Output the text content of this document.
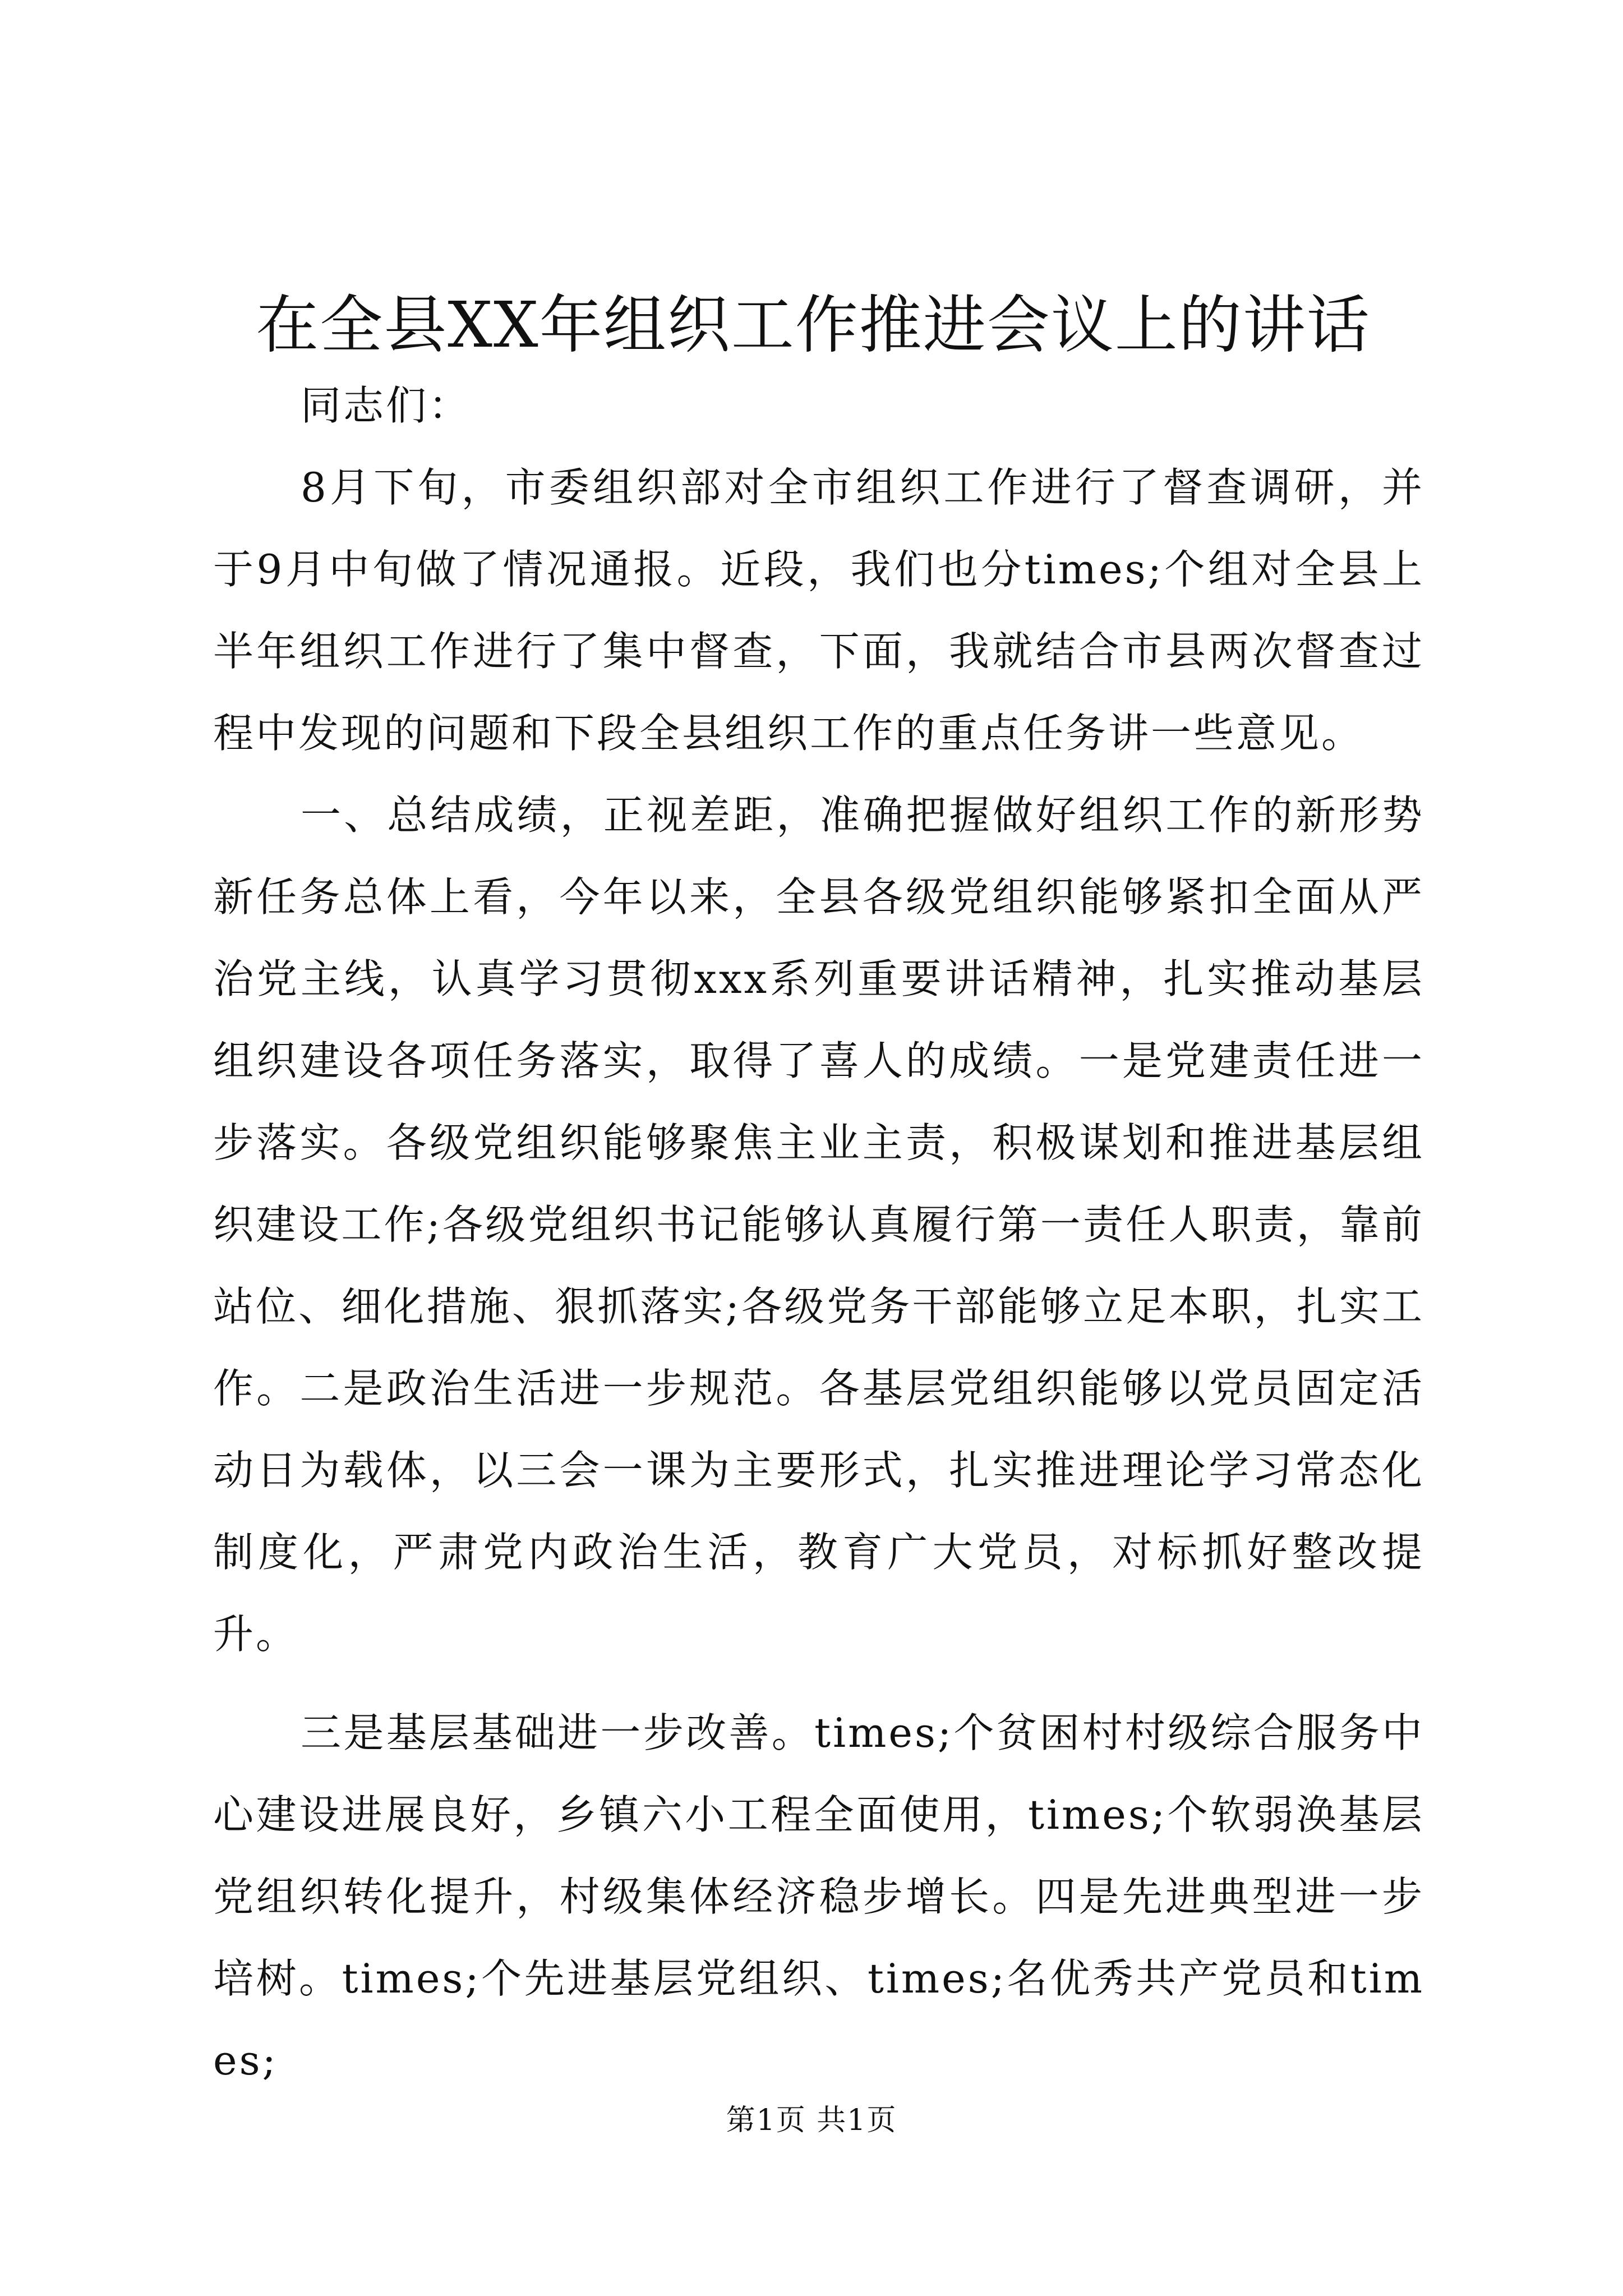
在全县XX年组织工作推进会议上的讲话

同志们：

8月下旬，市委组织部对全市组织工作进行了督查调研，并于9月中旬做了情况通报。近段，我们也分times;个组对全县上半年组织工作进行了集中督查，下面，我就结合市县两次督查过程中发现的问题和下段全县组织工作的重点任务讲一些意见。

一、总结成绩，正视差距，准确把握做好组织工作的新形势新任务总体上看，今年以来，全县各级党组织能够紧扣全面从严治党主线，认真学习贯彻xxx系列重要讲话精神，扎实推动基层组织建设各项任务落实，取得了喜人的成绩。一是党建责任进一步落实。各级党组织能够聚焦主业主责，积极谋划和推进基层组织建设工作;各级党组织书记能够认真履行第一责任人职责，靠前站位、细化措施、狠抓落实;各级党务干部能够立足本职，扎实工作。二是政治生活进一步规范。各基层党组织能够以党员固定活动日为载体，以三会一课为主要形式，扎实推进理论学习常态化制度化，严肃党内政治生活，教育广大党员，对标抓好整改提升。

三是基层基础进一步改善。times;个贫困村村级综合服务中心建设进展良好，乡镇六小工程全面使用，times;个软弱涣基层党组织转化提升，村级集体经济稳步增长。四是先进典型进一步培树。times;个先进基层党组织、times;名优秀共产党员和times;

第1页 共1页
